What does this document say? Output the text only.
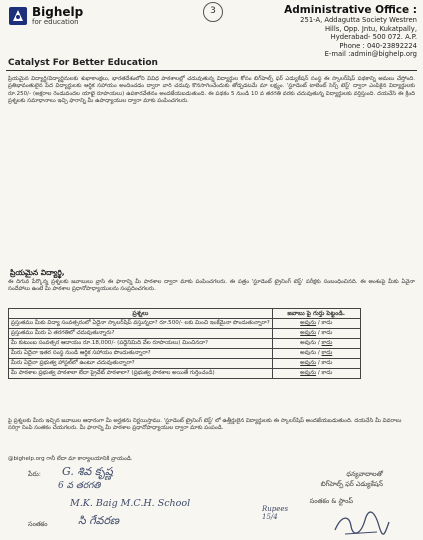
Bighelp
for education
Catalyst For Better Education
3	Administrative Office :
251-A, Addagutta Society Westren
Hills, Opp. Jntu, Kukatpally,
Hyderabad- 500 072. A.P.
Phone : 040-23892224
E-mail :admin@bighelp.org
ప్రియమైన విద్యార్థి/విద్యార్థినులకు శుభాకాంక్షలు, భారతదేశంలోని వివిధ పాఠశాలల్లో చదువుతున్న విద్యార్థుల కోసం బిగ్‌హెల్ప్ ఫర్ ఎడ్యుకేషన్ సంస్థ ఈ స్కాలర్‌షిప్ పథకాన్ని అమలు చేస్తోంది. ప్రతిభావంతులైన పేద విద్యార్థులకు ఆర్థిక సహాయం అందించడం ద్వారా వారి చదువు కొనసాగించేందుకు తోడ్పడటమే మా లక్ష్యం. 'స్టూడెంట్ టాలెంట్ సెర్చ్ టెస్ట్' ద్వారా ఎంపికైన విద్యార్థులకు రూ.250/- (అక్షరాల రెండువందల యాభై రూపాయలు) ఉపకారవేతనం అందజేయబడుతుంది. ఈ పథకం 5 నుండి 10 వ తరగతి వరకు చదువుతున్న విద్యార్థులకు వర్తిస్తుంది. దయచేసి ఈ క్రింది ప్రశ్నలకు సమాధానాలు ఇచ్చి ఫారాన్ని మీ ఉపాధ్యాయుల ద్వారా మాకు పంపించగలరు.
ప్రియమైన విద్యార్థి,
ఈ దిగువ పేర్కొన్న ప్రశ్నలకు జవాబులు వ్రాసి ఈ ఫారాన్ని మీ పాఠశాల ద్వారా మాకు పంపించగలరు. ఈ పత్రం 'స్టూడెంట్ ట్రైనింగ్ టెస్ట్' పరీక్షకు సంబంధించినది. ఈ అంశంపై మీకు ఏవైనా సందేహాలు ఉంటే మీ పాఠశాల ప్రధానోపాధ్యాయులను సంప్రదించగలరు.
ప్రశ్నలు	జవాబు పై గుర్తు పెట్టండి.
ప్రస్తుతము మీకు విద్యా సంవత్సరంలో ఏదైనా స్కాలర్‌షిప్ వస్తున్నదా? రూ.500/- లకు మించి ఇంకేమైనా పొందుతున్నారా?	అవును / కాదు
ప్రస్తుతము మీరు ఏ తరగతిలో చదువుతున్నారు?	అవును / కాదు
మీ కుటుంబ సంవత్సర ఆదాయం రూ.18,000/- (పద్దెనిమిది వేల రూపాయలు) మించినదా?	అవును / కాదు
మీరు ఏదైనా ఇతర సంస్థ నుండి ఆర్థిక సహాయం పొందుతున్నారా?	అవును / కాదు
మీరు ఏదైనా ప్రభుత్వ హాస్టల్‌లో ఉంటూ చదువుతున్నారా?	అవును / కాదు
మీ పాఠశాల ప్రభుత్వ పాఠశాలా లేదా ప్రైవేట్ పాఠశాలా? (ప్రభుత్వ పాఠశాల అయితే గుర్తించండి)	అవును / కాదు
పై ప్రశ్నలకు మీరు ఇచ్చిన జవాబుల ఆధారంగా మీ అర్హతను నిర్ణయిస్తాము. 'స్టూడెంట్ ట్రైనింగ్ టెస్ట్' లో ఉత్తీర్ణులైన విద్యార్థులకు ఈ స్కాలర్‌షిప్ అందజేయబడుతుంది. దయచేసి మీ వివరాలు సరిగ్గా నింపి సంతకం చేయగలరు. మీ ఫారాన్ని మీ పాఠశాల ప్రధానోపాధ్యాయుల ద్వారా మాకు పంపండి.
@bighelp.org గానీ లేదా మా కార్యాలయానికి వ్రాయండి.
ధన్యవాదాలతో
బిగ్‌హెల్ప్ ఫర్ ఎడ్యుకేషన్
పేరు: G. శివ కృష్ణ
6 వ తరగతి
M.K. Baig M.C.H. School
సంతకం	సి గేవరణ
సంతకం & స్టాంప్
Rupees 15/4
